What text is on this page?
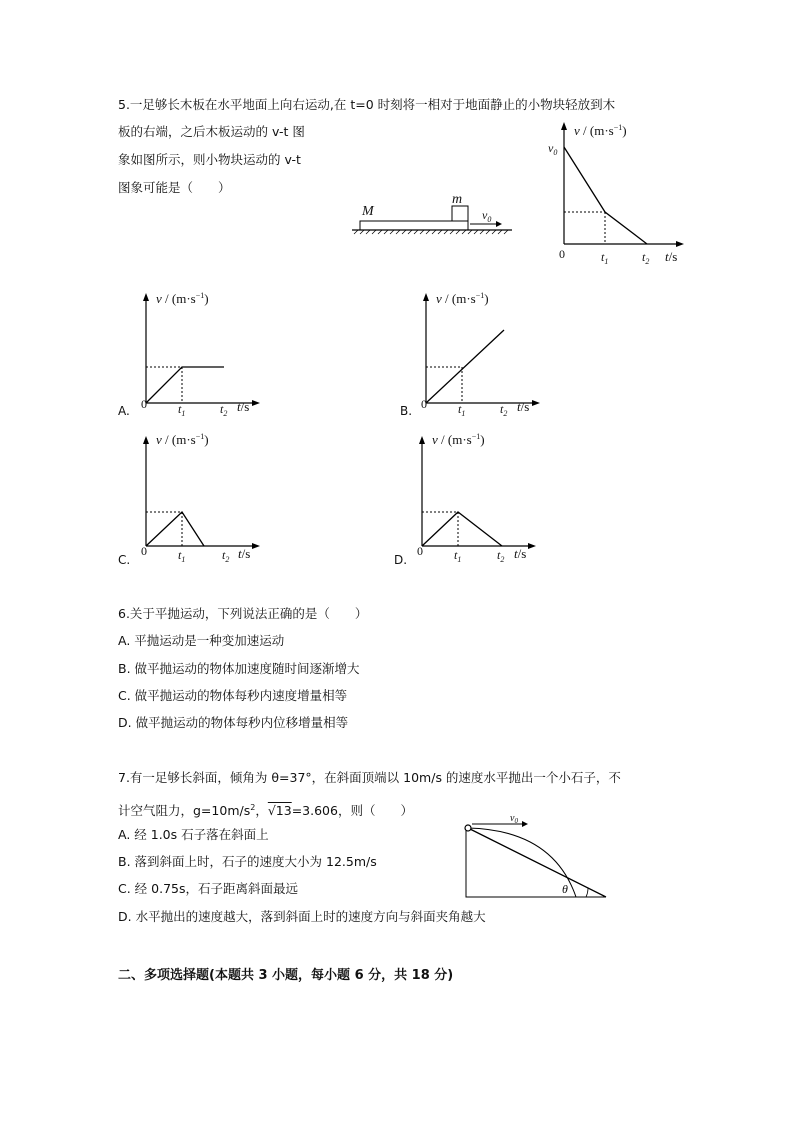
5.一足够长木板在水平地面上向右运动,在 t=0 时刻将一相对于地面静止的小物块轻放到木
板的右端，之后木板运动的 v-t 图
象如图所示，则小物块运动的 v-t
图象可能是（　　）
M
m
$v_0$
$v / (m\cdot s^{-1})$
$v_0$
0	$t_1$	$t_2$ t/s
$v / (m\cdot s^{-1})$
0	$t_1$	$t_2$ t/s
A.
$v / (m\cdot s^{-1})$
0	$t_1$	$t_2$ t/s
B.
$v / (m\cdot s^{-1})$
0	$t_1$	$t_2$ t/s
C.
$v / (m\cdot s^{-1})$
0	$t_1$	$t_2$ t/s
D.
6.关于平抛运动，下列说法正确的是（　　）
A. 平抛运动是一种变加速运动
B. 做平抛运动的物体加速度随时间逐渐增大
C. 做平抛运动的物体每秒内速度增量相等
D. 做平抛运动的物体每秒内位移增量相等
7.有一足够长斜面，倾角为 θ=37°，在斜面顶端以 10m/s 的速度水平抛出一个小石子，不
计空气阻力，$g=10m/s^2$，√13=3.606，则（　　）
A. 经 1.0s 石子落在斜面上
B. 落到斜面上时，石子的速度大小为 12.5m/s
C. 经 0.75s，石子距离斜面最远
D. 水平抛出的速度越大，落到斜面上时的速度方向与斜面夹角越大
$v_0$
θ
二、多项选择题(本题共 3 小题，每小题 6 分，共 18 分)
